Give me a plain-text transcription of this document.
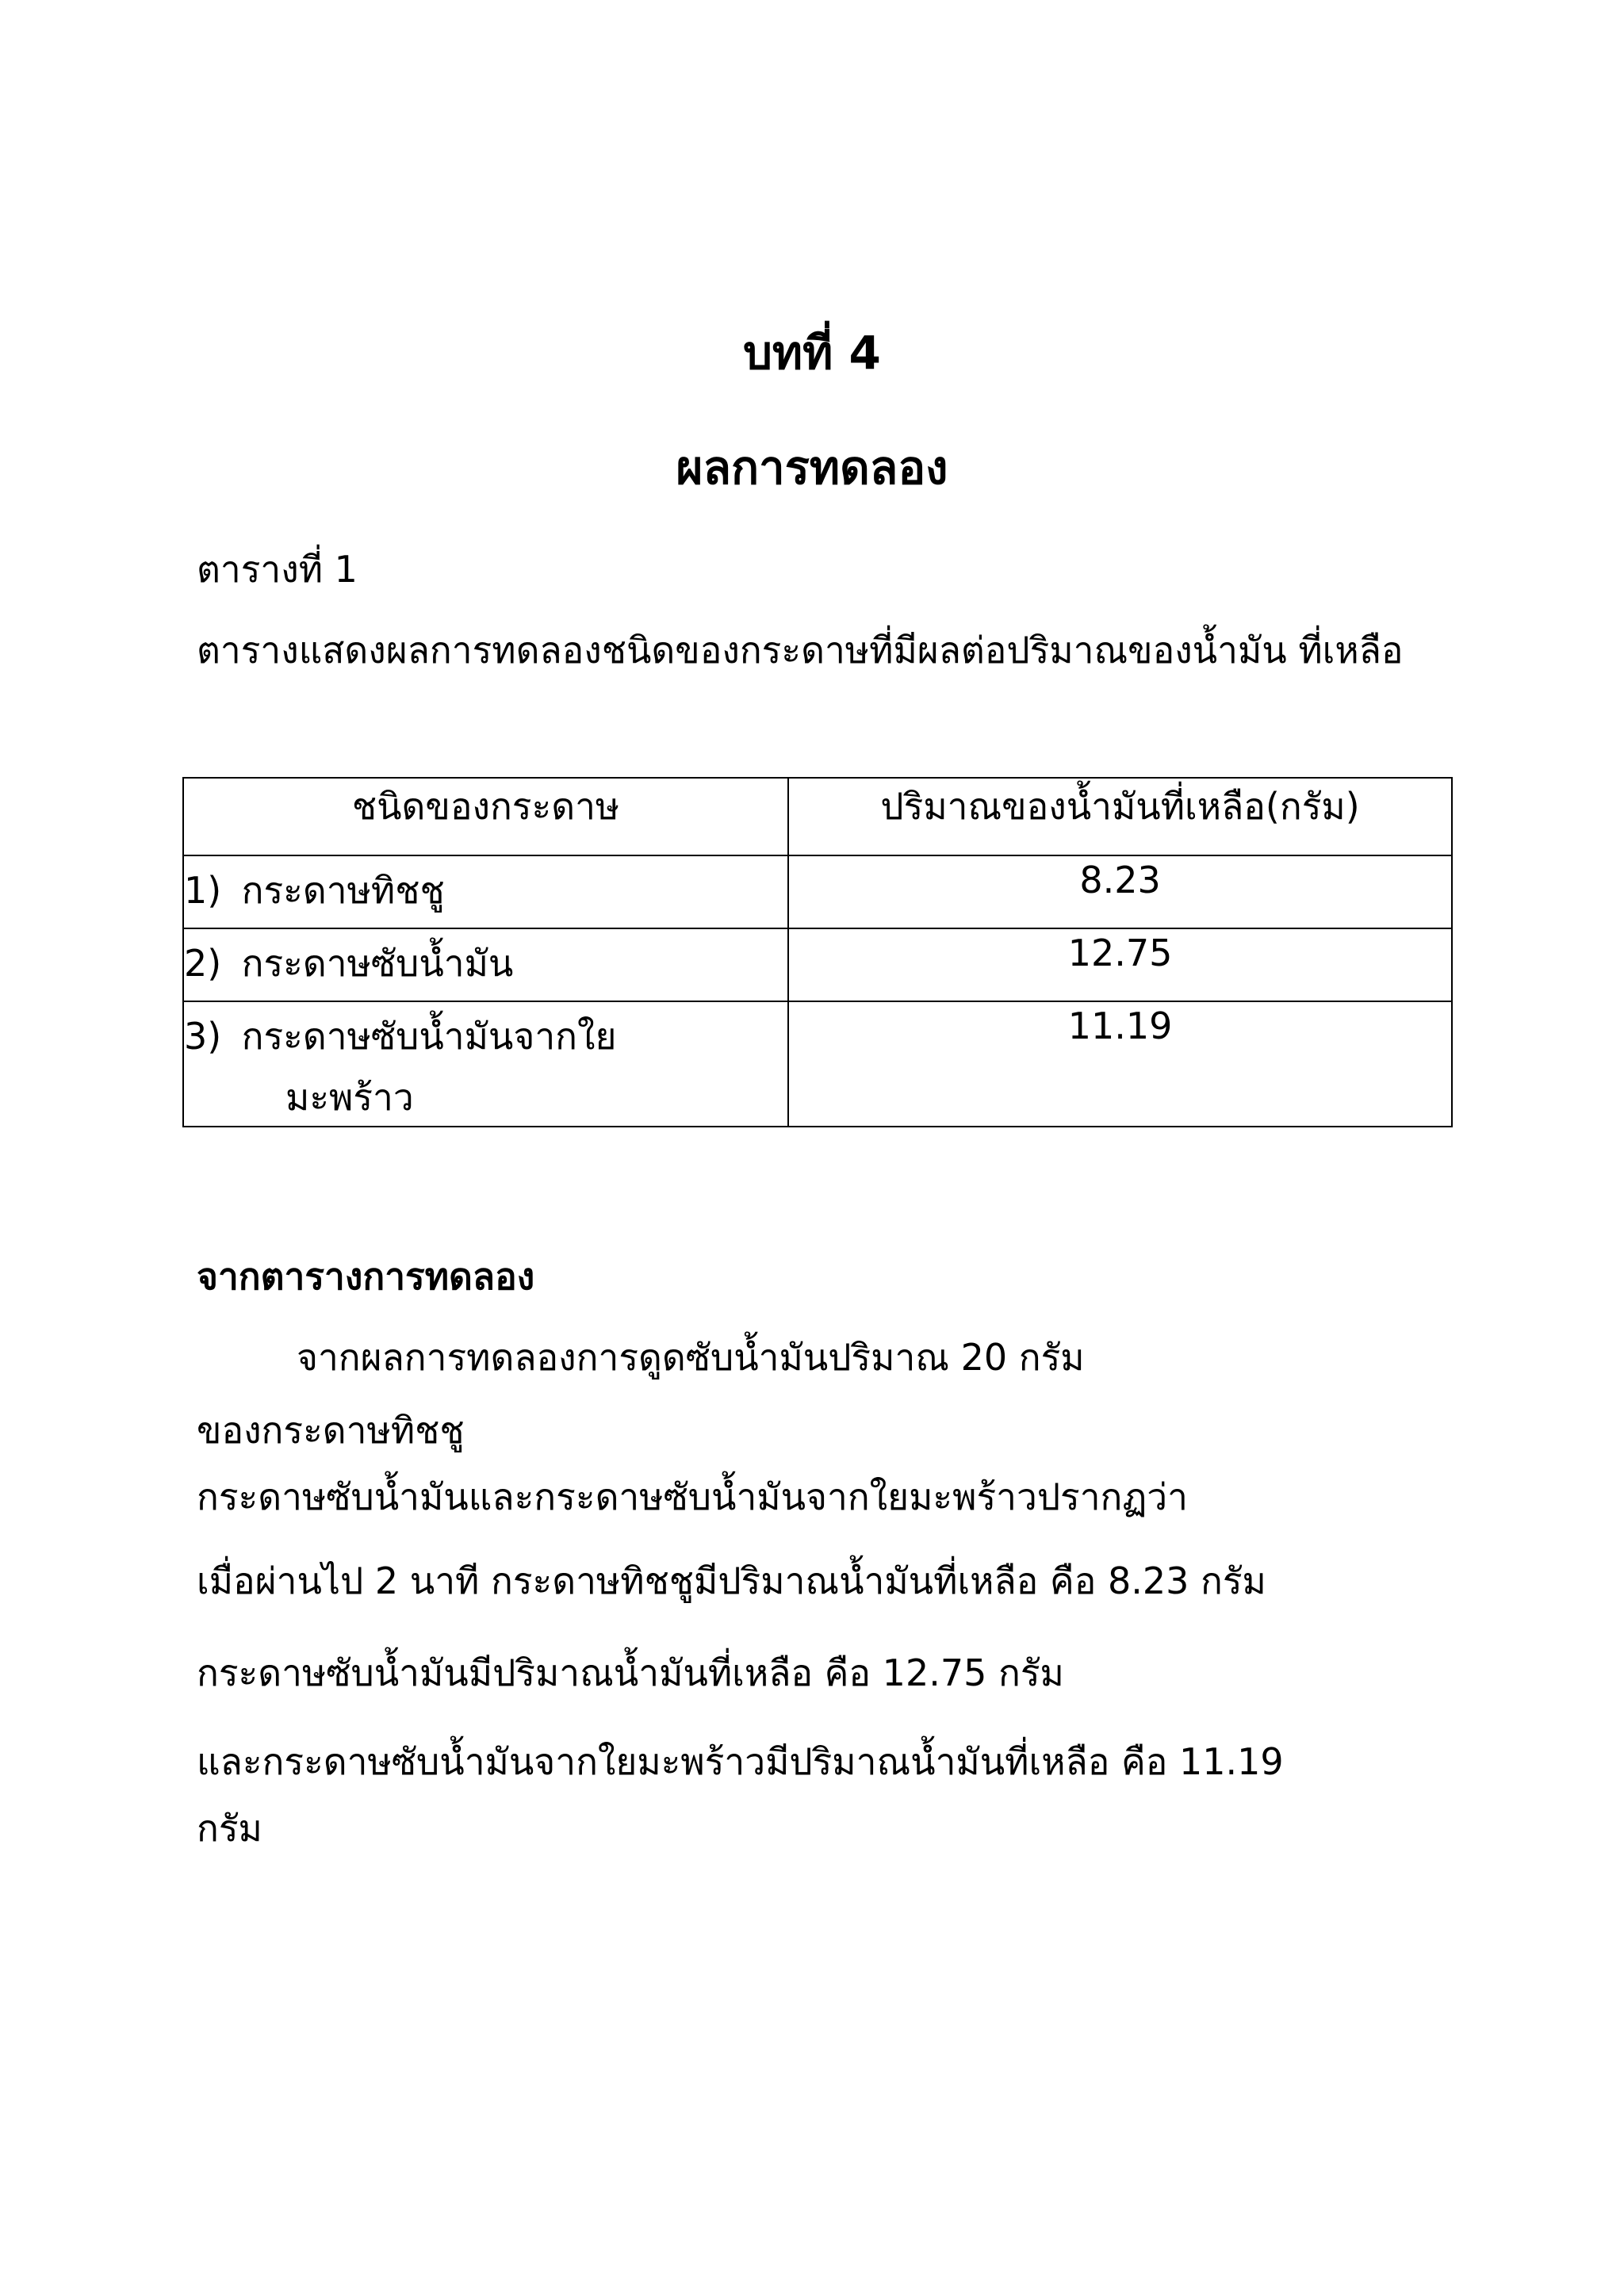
บทที่ 4
ผลการทดลอง
ตารางที่ 1
ตารางแสดงผลการทดลองชนิดของกระดาษที่มีผลต่อปริมาณของน้ำมัน ที่เหลือ
ชนิดของกระดาษ	ปริมาณของน้ำมันที่เหลือ(กรัม)
1) กระดาษทิชชู	8.23
2) กระดาษซับน้ำมัน	12.75
3) กระดาษซับน้ำมันจากใย
มะพร้าว	11.19
จากตารางการทดลอง
จากผลการทดลองการดูดซับน้ำมันปริมาณ 20 กรัม
ของกระดาษทิชชู
กระดาษซับน้ำมันและกระดาษซับน้ำมันจากใยมะพร้าวปรากฏว่า
เมื่อผ่านไป 2 นาที กระดาษทิชชูมีปริมาณน้ำมันที่เหลือ คือ 8.23 กรัม
กระดาษซับน้ำมันมีปริมาณน้ำมันที่เหลือ คือ 12.75 กรัม
และกระดาษซับน้ำมันจากใยมะพร้าวมีปริมาณน้ำมันที่เหลือ คือ 11.19
กรัม
